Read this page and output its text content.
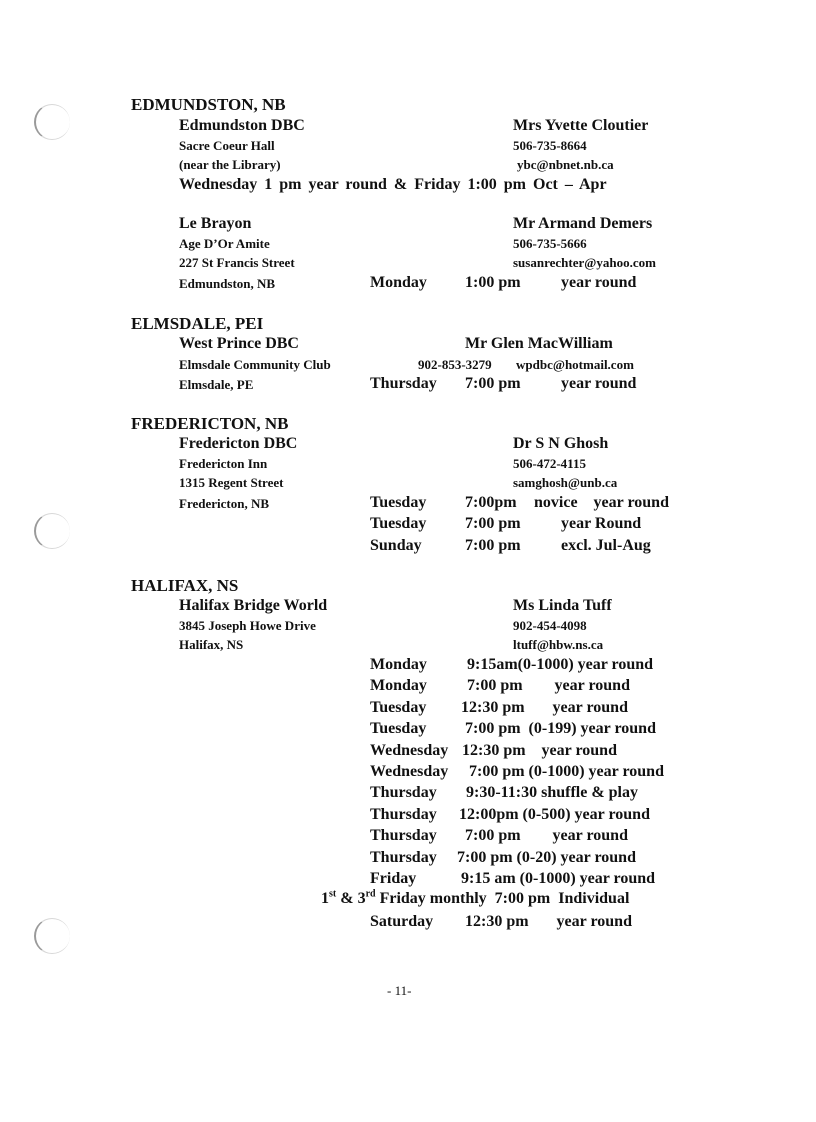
EDMUNDSTON, NB
Edmundston DBC	Mrs Yvette Cloutier
Sacre Coeur Hall	506-735-8664
(near the Library)	ybc@nbnet.nb.ca
Wednesday 1 pm year round & Friday 1:00 pm Oct – Apr
Le Brayon	Mr Armand Demers
Age D’Or Amite	506-735-5666
227 St Francis Street	susanrechter@yahoo.com
Edmundston, NB	Monday 1:00 pm	year round
ELMSDALE, PEI
West Prince DBC	Mr Glen MacWilliam
Elmsdale Community Club	902-853-3279 wpdbc@hotmail.com
Elmsdale, PE	Thursday 7:00 pm	year round
FREDERICTON, NB
Fredericton DBC	Dr S N Ghosh
Fredericton Inn	506-472-4115
1315 Regent Street	samghosh@unb.ca
Fredericton, NB	Tuesday 7:00pm novice    year round
Tuesday 7:00 pm	year Round
Sunday	7:00 pm	excl. Jul-Aug
HALIFAX, NS
Halifax Bridge World	Ms Linda Tuff
3845 Joseph Howe Drive	902-454-4098
Halifax, NS	ltuff@hbw.ns.ca
Monday	9:15am(0-1000) year round
Monday	7:00 pm        year round
Tuesday 12:30 pm       year round
Tuesday 7:00 pm  (0-199) year round
Wednesday 12:30 pm    year round
Wednesday 7:00 pm (0-1000) year round
Thursday 9:30-11:30 shuffle & play
Thursday 12:00pm (0-500) year round
Thursday 7:00 pm        year round
Thursday 7:00 pm (0-20) year round
Friday	9:15 am (0-1000) year round
1st & 3rd Friday monthly  7:00 pm  Individual
Saturday 12:30 pm       year round
- 11-
